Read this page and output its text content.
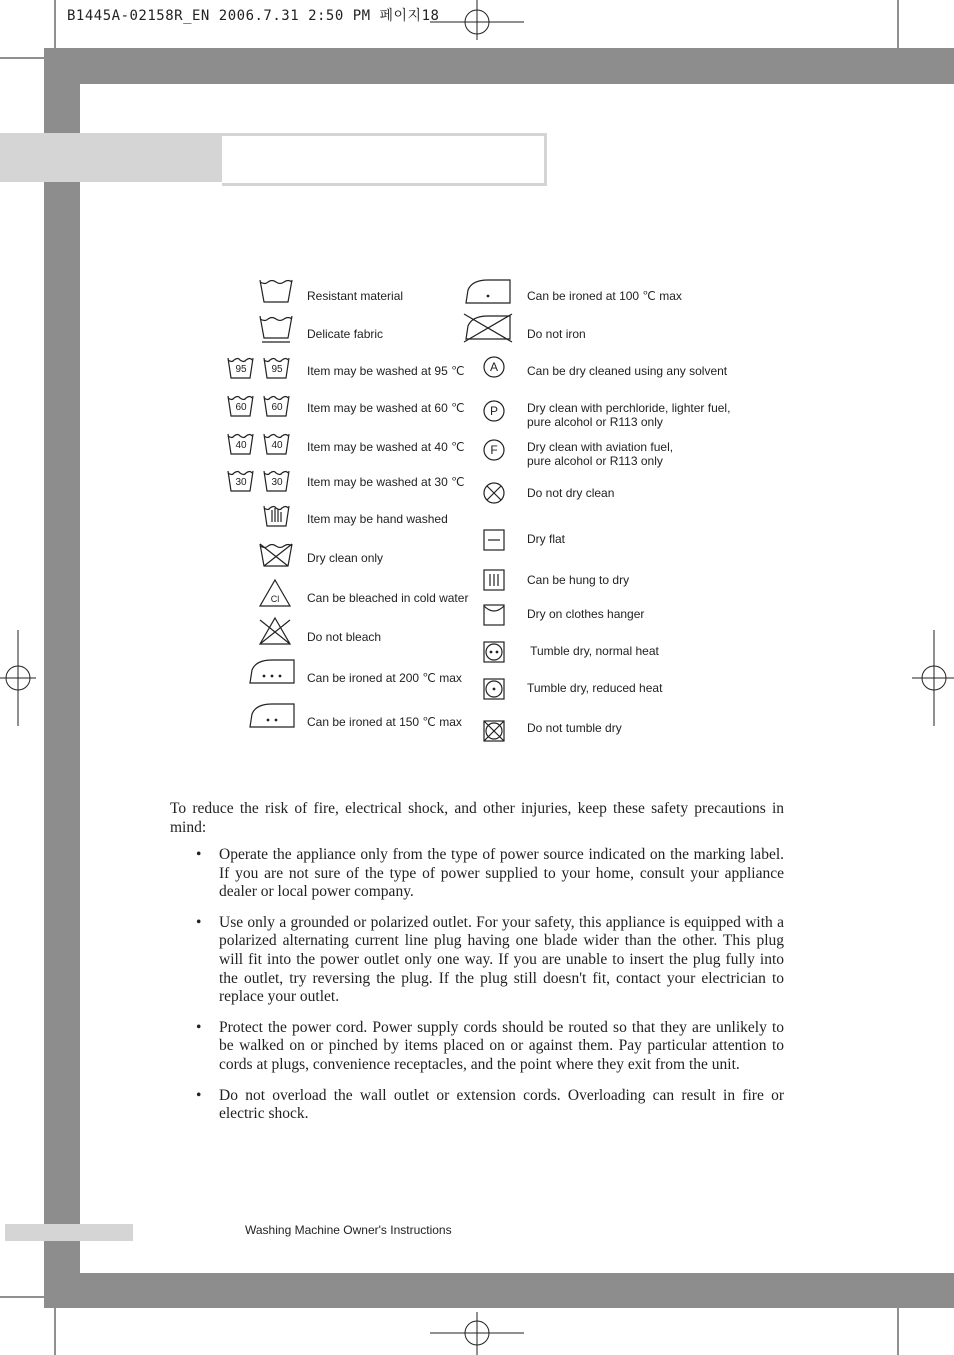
B1445A-02158R_EN 2006.7.31 2:50 PM 페이지18
95 95
60 60
40 40
30 30
Cl
Resistant material
Delicate fabric
Item may be washed at 95 ℃
Item may be washed at 60 ℃
Item may be washed at 40 ℃
Item may be washed at 30 ℃
Item may be hand washed
Dry clean only
Can be bleached in cold water
Do not bleach
Can be ironed at 200 ℃ max
Can be ironed at 150 ℃ max
A
P
F
Can be ironed at 100 ℃ max
Do not iron
Can be dry cleaned using any solvent
Dry clean with perchloride, lighter fuel,
pure alcohol or R113 only
Dry clean with aviation fuel,
pure alcohol or R113 only
Do not dry clean
Dry flat
Can be hung to dry
Dry on clothes hanger
Tumble dry, normal heat
Tumble dry, reduced heat
Do not tumble dry
To reduce the risk of fire, electrical shock, and other injuries, keep these safety precautions in mind:
• Operate the appliance only from the type of power source indicated on the marking label. If you are not sure of the type of power supplied to your home, consult your appliance dealer or local power company.
• Use only a grounded or polarized outlet. For your safety, this appliance is equipped with a polarized alternating current line plug having one blade wider than the other. This plug will fit into the power outlet only one way. If you are unable to insert the plug fully into the outlet, try reversing the plug. If the plug still doesn't fit, contact your electrician to replace your outlet.
• Protect the power cord. Power supply cords should be routed so that they are unlikely to be walked on or pinched by items placed on or against them. Pay particular attention to cords at plugs, convenience receptacles, and the point where they exit from the unit.
• Do not overload the wall outlet or extension cords. Overloading can result in fire or electric shock.
Washing Machine Owner's Instructions
